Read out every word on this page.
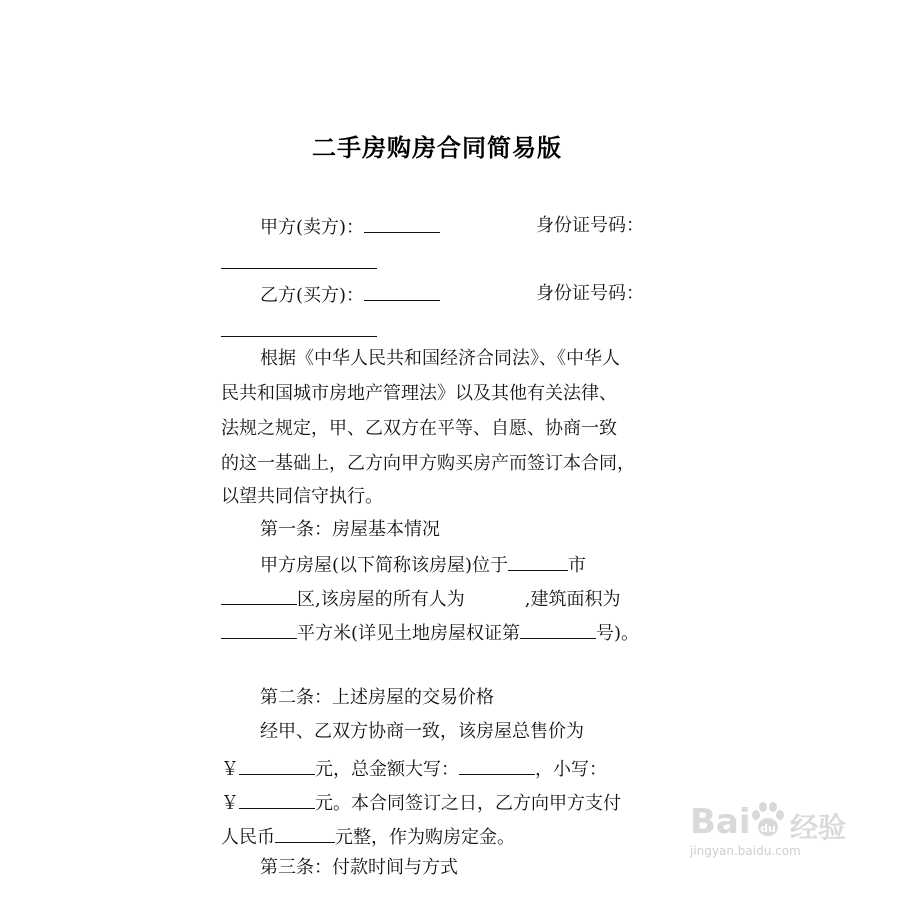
二手房购房合同简易版
甲方(卖方)：	身份证号码：
乙方(买方)：	身份证号码：
根据《中华人民共和国经济合同法》、《中华人
民共和国城市房地产管理法》以及其他有关法律、
法规之规定，甲、乙双方在平等、自愿、协商一致
的这一基础上，乙方向甲方购买房产而签订本合同，
以望共同信守执行。
第一条：房屋基本情况
甲方房屋(以下简称该房屋)位于	市
区,该房屋的所有人为	,建筑面积为
平方米(详见土地房屋权证第	号)。
第二条：上述房屋的交易价格
经甲、乙双方协商一致，该房屋总售价为
￥	元，总金额大写：	，小写：
￥	元。本合同签订之日，乙方向甲方支付
人民币	元整，作为购房定金。
第三条：付款时间与方式
Bai du 经验
jingyan.baidu.com
